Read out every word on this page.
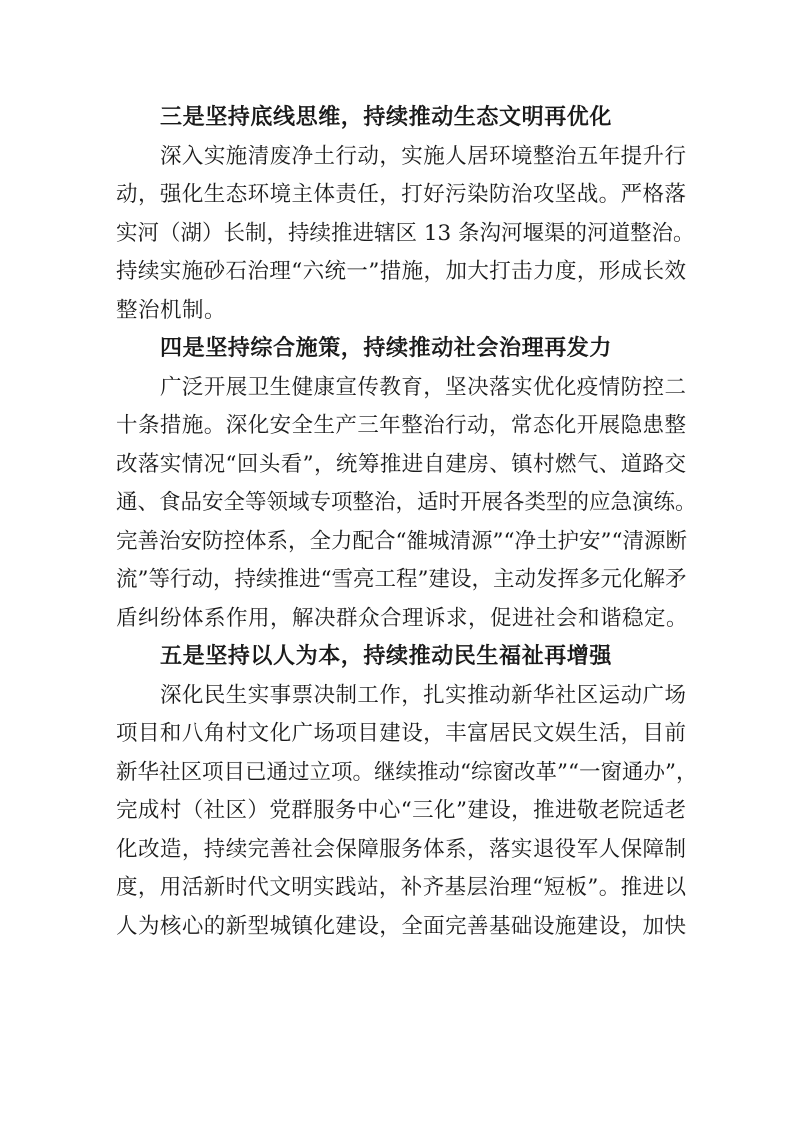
三是坚持底线思维，持续推动生态文明再优化
深入实施清废净土行动，实施人居环境整治五年提升行
动，强化生态环境主体责任，打好污染防治攻坚战。严格落
实河（湖）长制，持续推进辖区 13 条沟河堰渠的河道整治。
持续实施砂石治理“六统一”措施，加大打击力度，形成长效
整治机制。
四是坚持综合施策，持续推动社会治理再发力
广泛开展卫生健康宣传教育，坚决落实优化疫情防控二
十条措施。深化安全生产三年整治行动，常态化开展隐患整
改落实情况“回头看”，统筹推进自建房、镇村燃气、道路交
通、食品安全等领域专项整治，适时开展各类型的应急演练。
完善治安防控体系，全力配合“雒城清源”“净土护安”“清源断
流”等行动，持续推进“雪亮工程”建设，主动发挥多元化解矛
盾纠纷体系作用，解决群众合理诉求，促进社会和谐稳定。
五是坚持以人为本，持续推动民生福祉再增强
深化民生实事票决制工作，扎实推动新华社区运动广场
项目和八角村文化广场项目建设，丰富居民文娱生活，目前
新华社区项目已通过立项。继续推动“综窗改革”“一窗通办”，
完成村（社区）党群服务中心“三化”建设，推进敬老院适老
化改造，持续完善社会保障服务体系，落实退役军人保障制
度，用活新时代文明实践站，补齐基层治理“短板”。推进以
人为核心的新型城镇化建设，全面完善基础设施建设，加快
